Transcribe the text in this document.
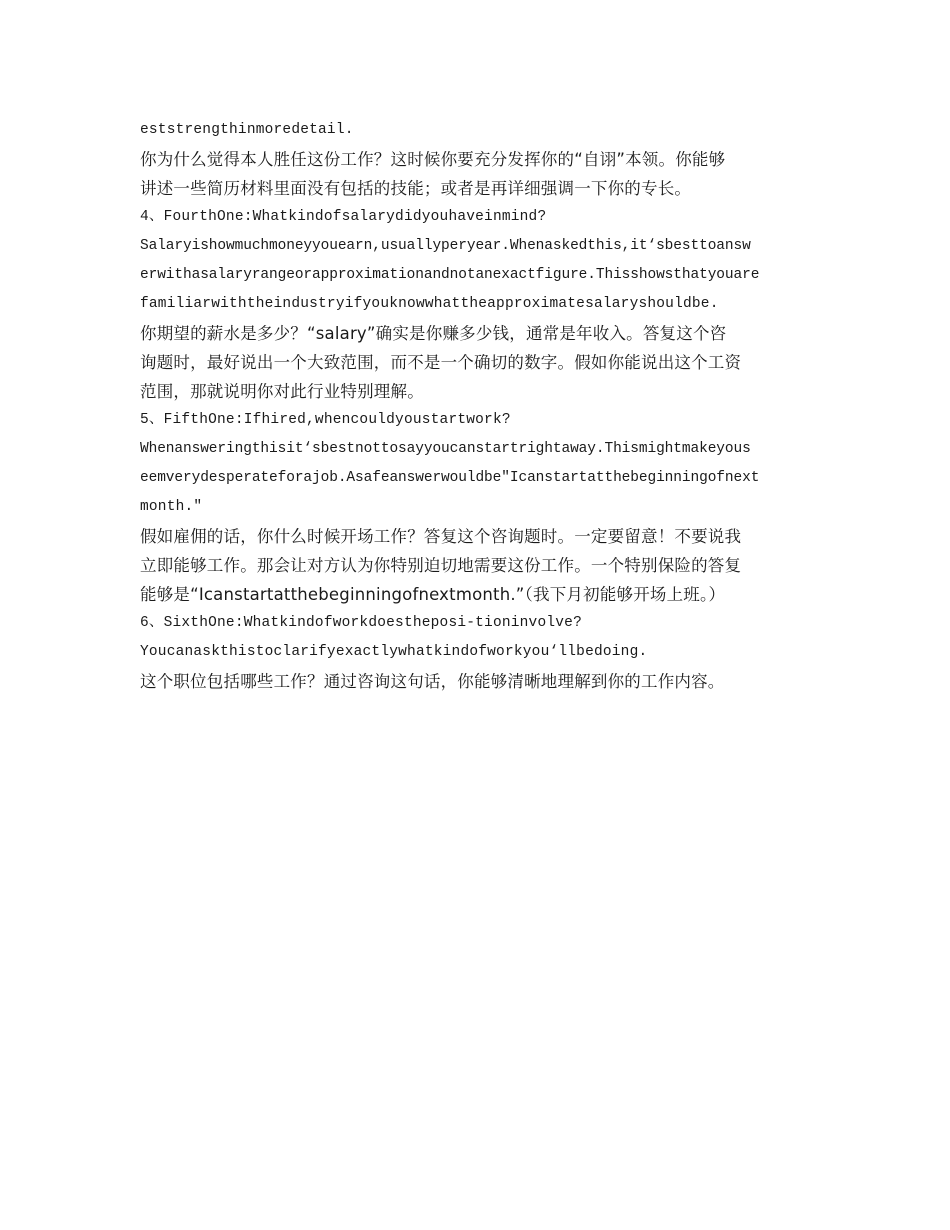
eststrengthinmoredetail.
你为什么觉得本人胜任这份工作？这时候你要充分发挥你的“自诩”本领。你能够
讲述一些简历材料里面没有包括的技能；或者是再详细强调一下你的专长。
4、FourthOne:Whatkindofsalarydidyouhaveinmind?
Salaryishowmuchmoneyyouearn,usuallyperyear.Whenaskedthis,it‘sbesttoansw
erwithasalaryrangeorapproximationandnotanexactfigure.Thisshowsthatyouare
familiarwiththeindustryifyouknowwhattheapproximatesalaryshouldbe.
你期望的薪水是多少？“salary”确实是你赚多少钱，通常是年收入。答复这个咨
询题时，最好说出一个大致范围，而不是一个确切的数字。假如你能说出这个工资
范围，那就说明你对此行业特别理解。
5、FifthOne:Ifhired,whencouldyoustartwork?
Whenansweringthisit‘sbestnottosayyoucanstartrightaway.Thismightmakeyous
eemverydesperateforajob.Asafeanswerwouldbe"Icanstartatthebeginningofnext
month."
假如雇佣的话，你什么时候开场工作？答复这个咨询题时。一定要留意！不要说我
立即能够工作。那会让对方认为你特别迫切地需要这份工作。一个特别保险的答复
能够是“Icanstartatthebeginningofnextmonth.”（我下月初能够开场上班。）
6、SixthOne:Whatkindofworkdoestheposi-tioninvolve?
Youcanaskthistoclarifyexactlywhatkindofworkyou‘llbedoing.
这个职位包括哪些工作？通过咨询这句话，你能够清晰地理解到你的工作内容。
